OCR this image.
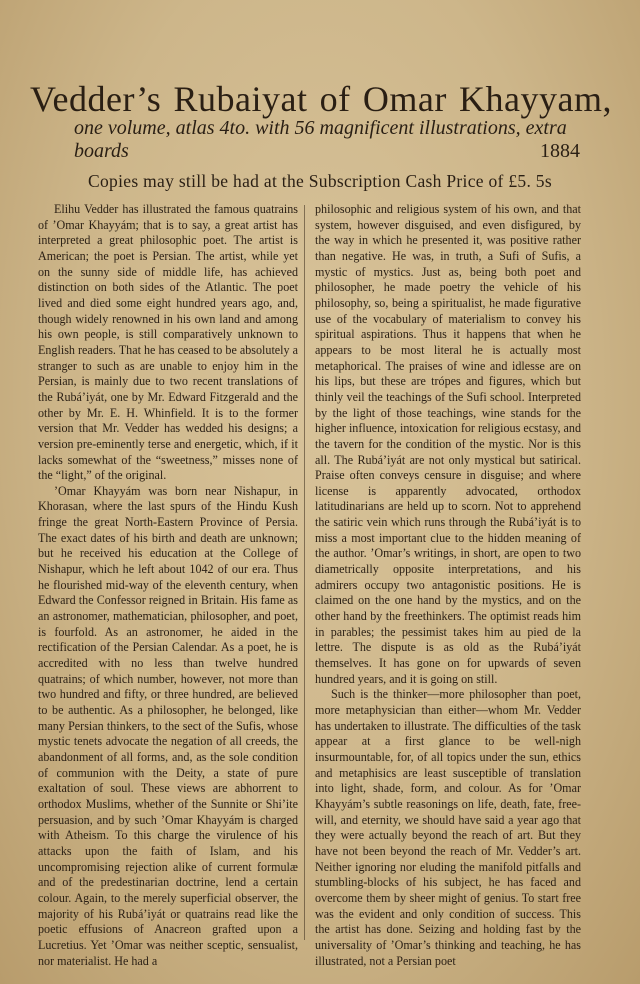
Vedder’s Rubaiyat of Omar Khayyam,
one volume, atlas 4to. with 56 magnificent illustrations, extra boards	1884
Copies may still be had at the Subscription Cash Price of £5. 5s

Elihu Vedder has illustrated the famous quatrains of ’Omar Khayyám; that is to say, a great artist has interpreted a great philosophic poet. The artist is American; the poet is Persian. The artist, while yet on the sunny side of middle life, has achieved distinction on both sides of the Atlantic. The poet lived and died some eight hundred years ago, and, though widely renowned in his own land and among his own people, is still comparatively unknown to English readers. That he has ceased to be absolutely a stranger to such as are unable to enjoy him in the Persian, is mainly due to two recent translations of the Rubá’iyát, one by Mr. Edward Fitzgerald and the other by Mr. E. H. Whinfield. It is to the former version that Mr. Vedder has wedded his designs; a version pre-eminently terse and energetic, which, if it lacks somewhat of the “sweetness,” misses none of the “light,” of the original.

’Omar Khayyám was born near Nishapur, in Khorasan, where the last spurs of the Hindu Kush fringe the great North-Eastern Province of Persia. The exact dates of his birth and death are unknown; but he received his education at the College of Nishapur, which he left about 1042 of our era. Thus he flourished mid-way of the eleventh century, when Edward the Confessor reigned in Britain. His fame as an astronomer, mathematician, philosopher, and poet, is fourfold. As an astronomer, he aided in the rectification of the Persian Calendar. As a poet, he is accredited with no less than twelve hundred quatrains; of which number, however, not more than two hundred and fifty, or three hundred, are believed to be authentic. As a philosopher, he belonged, like many Persian thinkers, to the sect of the Sufis, whose mystic tenets advocate the negation of all creeds, the abandonment of all forms, and, as the sole condition of communion with the Deity, a state of pure exaltation of soul. These views are abhorrent to orthodox Muslims, whether of the Sunnite or Shi’ite persuasion, and by such ’Omar Khayyám is charged with Atheism. To this charge the virulence of his attacks upon the faith of Islam, and his uncompromising rejection alike of current formulæ and of the predestinarian doctrine, lend a certain colour. Again, to the merely superficial observer, the majority of his Rubá’iyát or quatrains read like the poetic effusions of Anacreon grafted upon a Lucretius. Yet ’Omar was neither sceptic, sensualist, nor materialist. He had a

philosophic and religious system of his own, and that system, however disguised, and even disfigured, by the way in which he presented it, was positive rather than negative. He was, in truth, a Sufi of Sufis, a mystic of mystics. Just as, being both poet and philosopher, he made poetry the vehicle of his philosophy, so, being a spiritualist, he made figurative use of the vocabulary of materialism to convey his spiritual aspirations. Thus it happens that when he appears to be most literal he is actually most metaphorical. The praises of wine and idlesse are on his lips, but these are trópes and figures, which but thinly veil the teachings of the Sufi school. Interpreted by the light of those teachings, wine stands for the higher influence, intoxication for religious ecstasy, and the tavern for the condition of the mystic. Nor is this all. The Rubá’iyát are not only mystical but satirical. Praise often conveys censure in disguise; and where license is apparently advocated, orthodox latitudinarians are held up to scorn. Not to apprehend the satiric vein which runs through the Rubá’iyát is to miss a most important clue to the hidden meaning of the author. ’Omar’s writings, in short, are open to two diametrically opposite interpretations, and his admirers occupy two antagonistic positions. He is claimed on the one hand by the mystics, and on the other hand by the freethinkers. The optimist reads him in parables; the pessimist takes him au pied de la lettre. The dispute is as old as the Rubá’iyát themselves. It has gone on for upwards of seven hundred years, and it is going on still.

Such is the thinker—more philosopher than poet, more metaphysician than either—whom Mr. Vedder has undertaken to illustrate. The difficulties of the task appear at a first glance to be well-nigh insurmountable, for, of all topics under the sun, ethics and metaphisics are least susceptible of translation into light, shade, form, and colour. As for ’Omar Khayyám’s subtle reasonings on life, death, fate, free-will, and eternity, we should have said a year ago that they were actually beyond the reach of art. But they have not been beyond the reach of Mr. Vedder’s art. Neither ignoring nor eluding the manifold pitfalls and stumbling-blocks of his subject, he has faced and overcome them by sheer might of genius. To start free was the evident and only condition of success. This the artist has done. Seizing and holding fast by the universality of ’Omar’s thinking and teaching, he has illustrated, not a Persian poet
